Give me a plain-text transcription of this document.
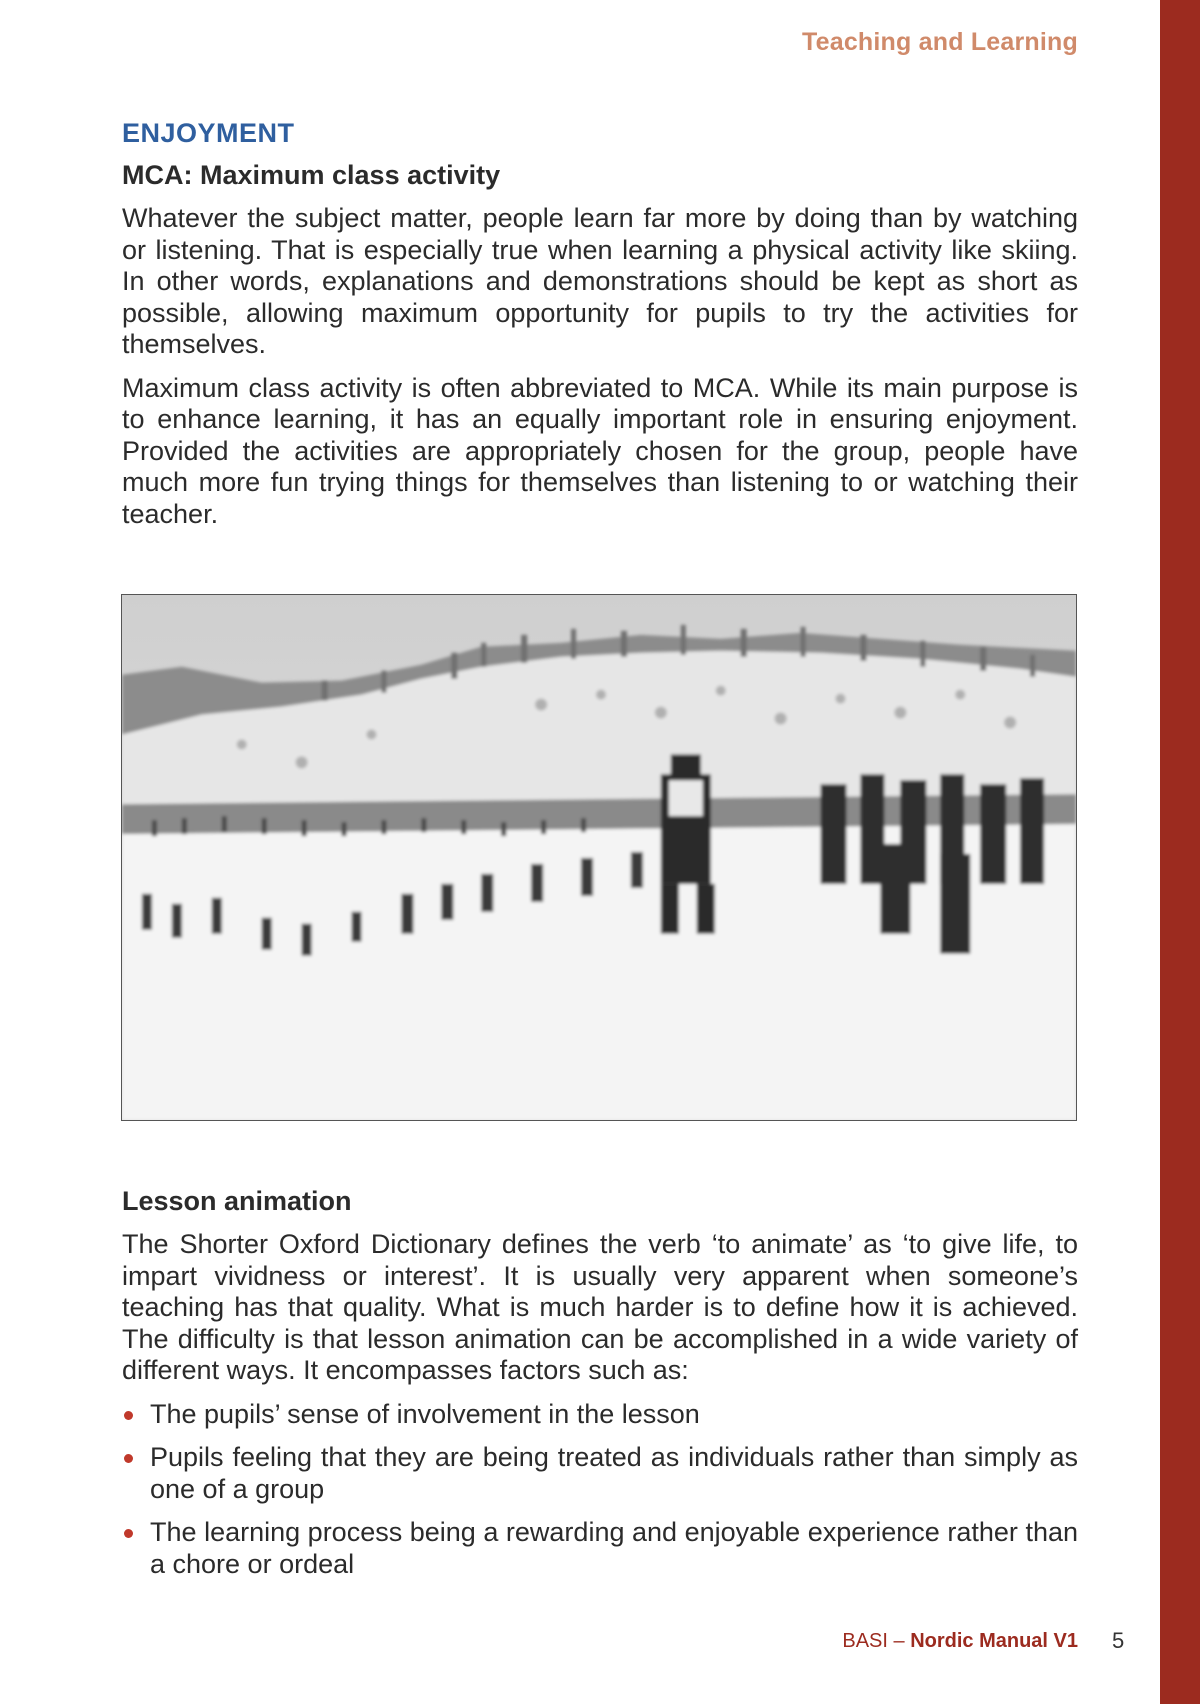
Teaching and Learning
ENJOYMENT
MCA: Maximum class activity

Whatever the subject matter, people learn far more by doing than by watching or listening. That is especially true when learning a physical activity like skiing. In other words, explanations and demonstrations should be kept as short as possible, allowing maximum opportunity for pupils to try the activities for themselves.

Maximum class activity is often abbreviated to MCA. While its main purpose is to enhance learning, it has an equally important role in ensuring enjoyment. Provided the activities are appropriately chosen for the group, people have much more fun trying things for themselves than listening to or watching their teacher.

Lesson animation

The Shorter Oxford Dictionary defines the verb ‘to animate’ as ‘to give life, to impart vividness or interest’. It is usually very apparent when someone’s teaching has that quality. What is much harder is to define how it is achieved. The difficulty is that lesson animation can be accomplished in a wide variety of different ways. It encompasses factors such as:

The pupils’ sense of involvement in the lesson
Pupils feeling that they are being treated as individuals rather than simply as one of a group
The learning process being a rewarding and enjoyable experience rather than a chore or ordeal
BASI – Nordic Manual V1 5
